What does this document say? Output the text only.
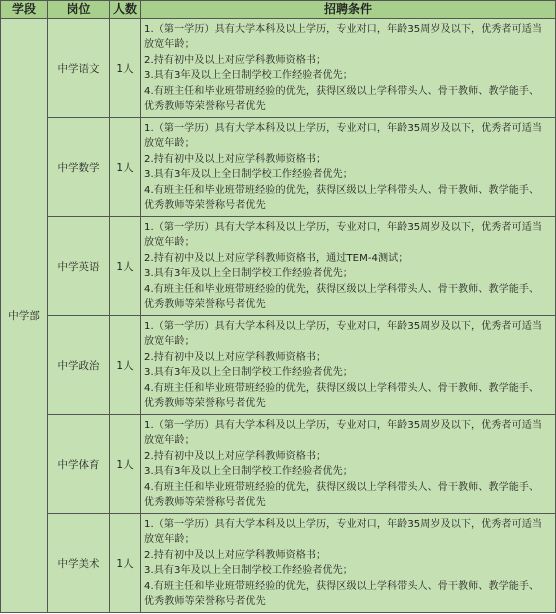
学段	岗位	人数	招聘条件
中学部	中学语文	1人	1.（第一学历）具有大学本科及以上学历，专业对口，年龄35周岁及以下，优秀者可适当放宽年龄；
2.持有初中及以上对应学科教师资格书；
3.具有3年及以上全日制学校工作经验者优先；
4.有班主任和毕业班带班经验的优先，获得区级以上学科带头人、骨干教师、教学能手、优秀教师等荣誉称号者优先

	中学数学	1人	1.（第一学历）具有大学本科及以上学历，专业对口，年龄35周岁及以下，优秀者可适当放宽年龄；
2.持有初中及以上对应学科教师资格书；
3.具有3年及以上全日制学校工作经验者优先；
4.有班主任和毕业班带班经验的优先，获得区级以上学科带头人、骨干教师、教学能手、优秀教师等荣誉称号者优先

	中学英语	1人	1.（第一学历）具有大学本科及以上学历，专业对口，年龄35周岁及以下，优秀者可适当放宽年龄；
2.持有初中及以上对应学科教师资格书，通过TEM-4测试；
3.具有3年及以上全日制学校工作经验者优先；
4.有班主任和毕业班带班经验的优先，获得区级以上学科带头人、骨干教师、教学能手、优秀教师等荣誉称号者优先

	中学政治	1人	1.（第一学历）具有大学本科及以上学历，专业对口，年龄35周岁及以下，优秀者可适当放宽年龄；
2.持有初中及以上对应学科教师资格书；
3.具有3年及以上全日制学校工作经验者优先；
4.有班主任和毕业班带班经验的优先，获得区级以上学科带头人、骨干教师、教学能手、优秀教师等荣誉称号者优先

	中学体育	1人	1.（第一学历）具有大学本科及以上学历，专业对口，年龄35周岁及以下，优秀者可适当放宽年龄；
2.持有初中及以上对应学科教师资格书；
3.具有3年及以上全日制学校工作经验者优先；
4.有班主任和毕业班带班经验的优先，获得区级以上学科带头人、骨干教师、教学能手、优秀教师等荣誉称号者优先

	中学美术	1人	1.（第一学历）具有大学本科及以上学历，专业对口，年龄35周岁及以下，优秀者可适当放宽年龄；
2.持有初中及以上对应学科教师资格书；
3.具有3年及以上全日制学校工作经验者优先；
4.有班主任和毕业班带班经验的优先，获得区级以上学科带头人、骨干教师、教学能手、优秀教师等荣誉称号者优先
